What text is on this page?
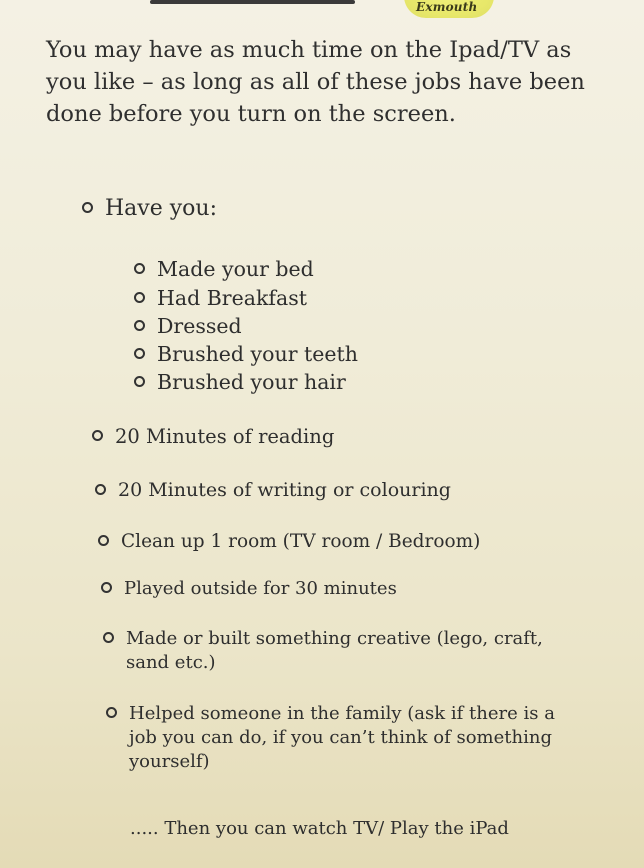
Exmouth
You may have as much time on the Ipad/TV as you like – as long as all of these jobs have been done before you turn on the screen.
Have you:
Made your bed
Had Breakfast
Dressed
Brushed your teeth
Brushed your hair
20 Minutes of reading
20 Minutes of writing or colouring
Clean up 1 room (TV room / Bedroom)
Played outside for 30 minutes
Made or built something creative (lego, craft, sand etc.)
Helped someone in the family (ask if there is a job you can do, if you can’t think of something yourself)
..... Then you can watch TV/ Play the iPad
